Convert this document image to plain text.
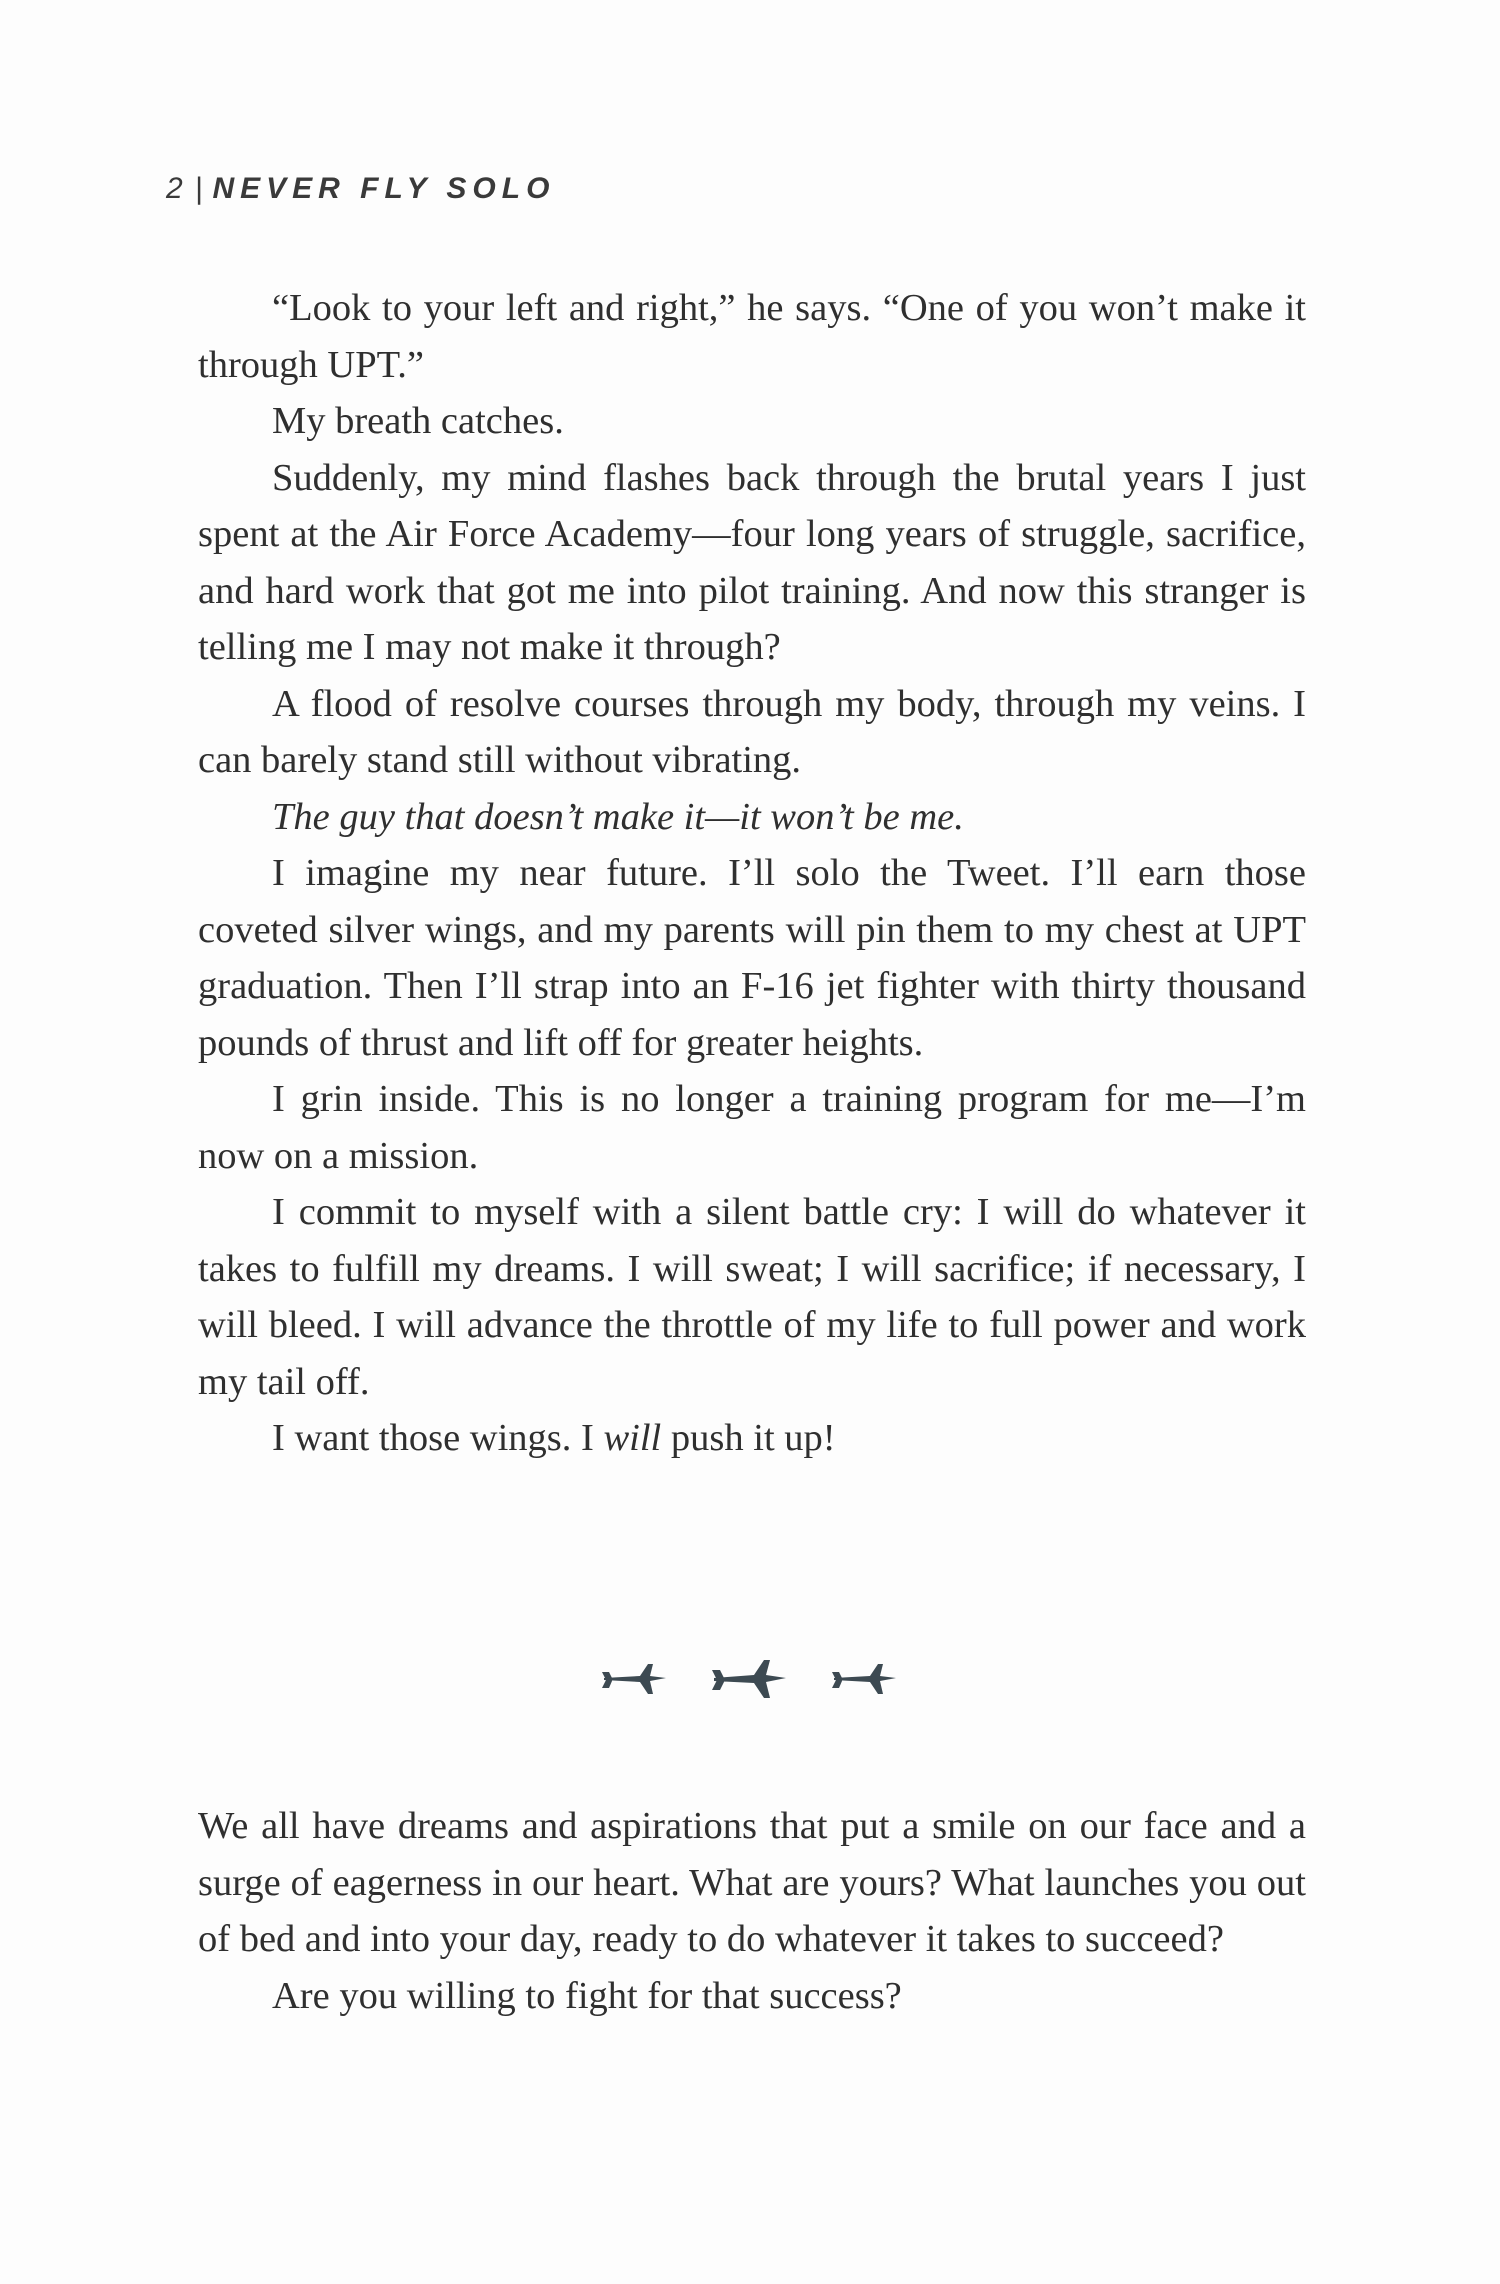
2 | NEVER FLY SOLO

“Look to your left and right,” he says. “One of you won’t make it through UPT.”

My breath catches.

Suddenly, my mind flashes back through the brutal years I just spent at the Air Force Academy—four long years of struggle, sacrifice, and hard work that got me into pilot training. And now this stranger is telling me I may not make it through?

A flood of resolve courses through my body, through my veins. I can barely stand still without vibrating.

The guy that doesn’t make it—it won’t be me.

I imagine my near future. I’ll solo the Tweet. I’ll earn those coveted silver wings, and my parents will pin them to my chest at UPT graduation. Then I’ll strap into an F-16 jet fighter with thirty thousand pounds of thrust and lift off for greater heights.

I grin inside. This is no longer a training program for me—I’m now on a mission.

I commit to myself with a silent battle cry: I will do whatever it takes to fulfill my dreams. I will sweat; I will sacrifice; if necessary, I will bleed. I will advance the throttle of my life to full power and work my tail off.

I want those wings. I will push it up!

We all have dreams and aspirations that put a smile on our face and a surge of eagerness in our heart. What are yours? What launches you out of bed and into your day, ready to do whatever it takes to succeed?

Are you willing to fight for that success?
